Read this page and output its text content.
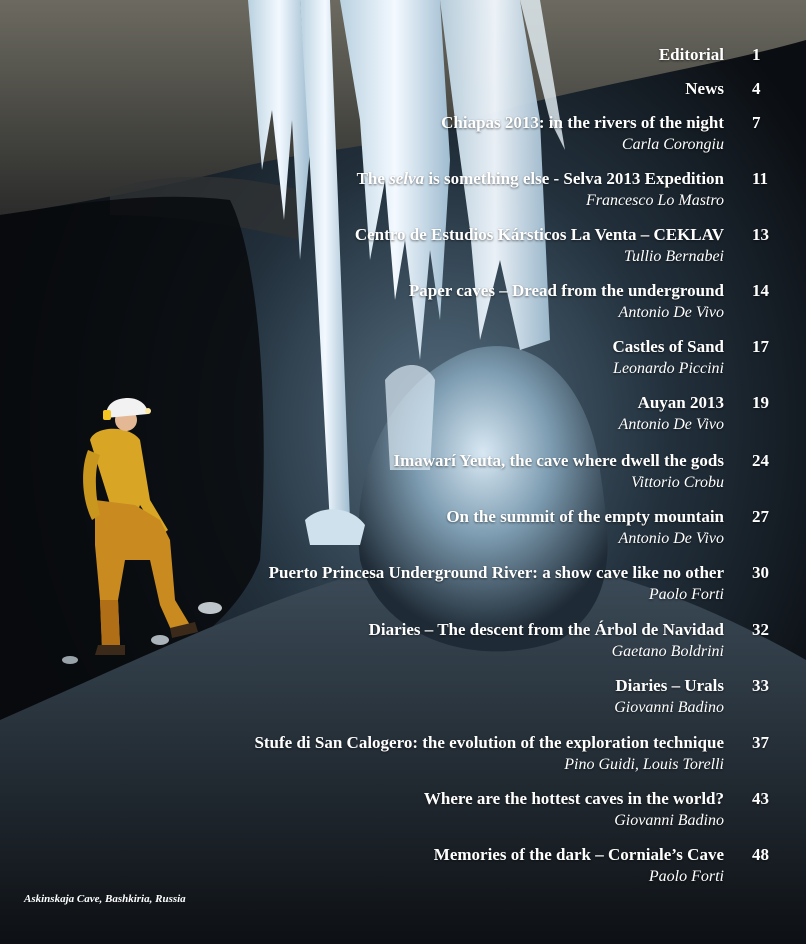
Editorial 1
News 4
Chiapas 2013: in the rivers of the night 7
Carla Corongiu
The selva is something else - Selva 2013 Expedition 11
Francesco Lo Mastro
Centro de Estudios Kársticos La Venta – CEKLAV 13
Tullio Bernabei
Paper caves – Dread from the underground 14
Antonio De Vivo
Castles of Sand 17
Leonardo Piccini
Auyan 2013 19
Antonio De Vivo
Imawarí Yeuta, the cave where dwell the gods 24
Vittorio Crobu
On the summit of the empty mountain 27
Antonio De Vivo
Puerto Princesa Underground River: a show cave like no other 30
Paolo Forti
Diaries – The descent from the Árbol de Navidad 32
Gaetano Boldrini
Diaries – Urals 33
Giovanni Badino
Stufe di San Calogero: the evolution of the exploration technique 37
Pino Guidi, Louis Torelli
Where are the hottest caves in the world? 43
Giovanni Badino
Memories of the dark – Corniale’s Cave 48
Paolo Forti
Askinskaja Cave, Bashkiria, Russia
